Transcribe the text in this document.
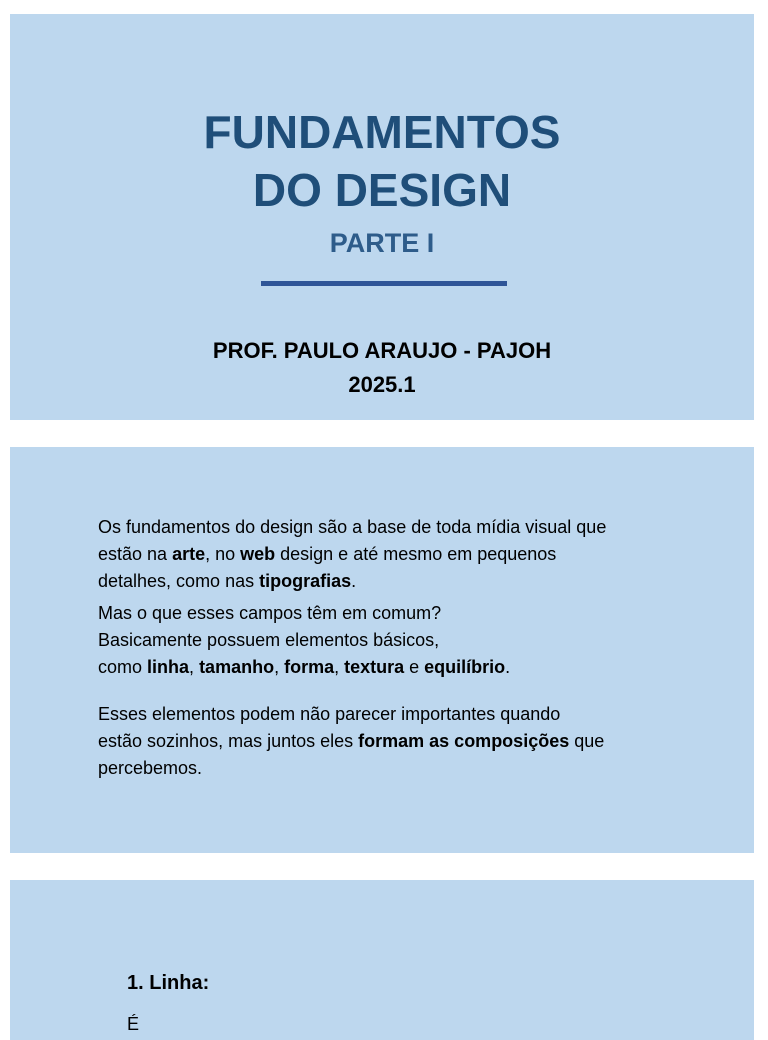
FUNDAMENTOS
DO DESIGN
PARTE I
PROF. PAULO ARAUJO - PAJOH
2025.1
Os fundamentos do design são a base de toda mídia visual que
estão na arte, no web design e até mesmo em pequenos
detalhes, como nas tipografias.
Mas o que esses campos têm em comum?
Basicamente possuem elementos básicos,
como linha, tamanho, forma, textura e equilíbrio.
Esses elementos podem não parecer importantes quando
estão sozinhos, mas juntos eles formam as composições que
percebemos.
1. Linha:
É
